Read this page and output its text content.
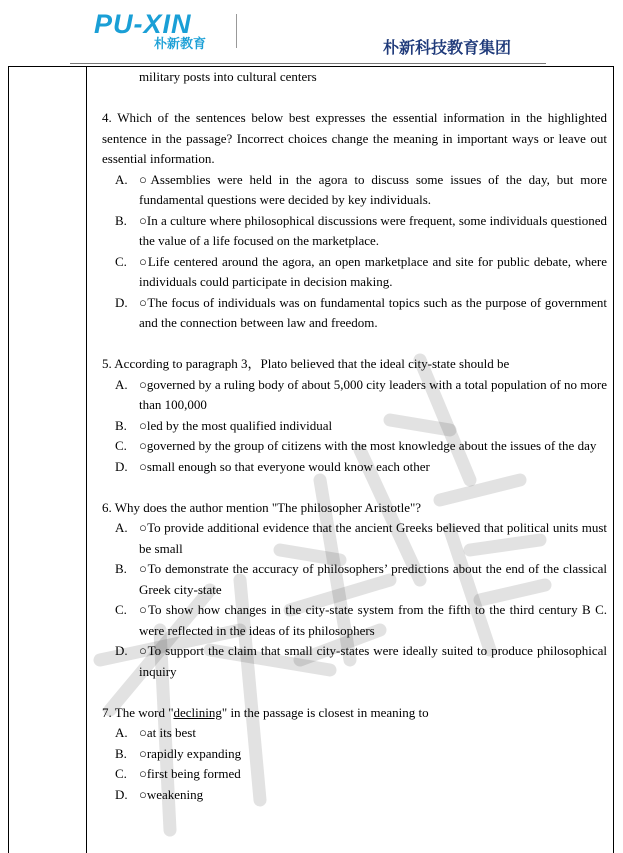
PU-XIN
朴新教育	朴新科技教育集团
military posts into cultural centers
4. Which of the sentences below best expresses the essential information in the highlighted sentence in the passage? Incorrect choices change the meaning in important ways or leave out essential information.
A. ○Assemblies were held in the agora to discuss some issues of the day, but more fundamental questions were decided by key individuals.
B. ○In a culture where philosophical discussions were frequent, some individuals questioned the value of a life focused on the marketplace.
C. ○Life centered around the agora, an open marketplace and site for public debate, where individuals could participate in decision making.
D. ○The focus of individuals was on fundamental topics such as the purpose of government and the connection between law and freedom.
5. According to paragraph 3，Plato believed that the ideal city-state should be
A. ○governed by a ruling body of about 5,000 city leaders with a total population of no more than 100,000
B. ○led by the most qualified individual
C. ○governed by the group of citizens with the most knowledge about the issues of the day
D. ○small enough so that everyone would know each other
6. Why does the author mention "The philosopher Aristotle"?
A. ○To provide additional evidence that the ancient Greeks believed that political units must be small
B. ○To demonstrate the accuracy of philosophers’ predictions about the end of the classical Greek city-state
C. ○To show how changes in the city-state system from the fifth to the third century B C. were reflected in the ideas of its philosophers
D. ○To support the claim that small city-states were ideally suited to produce philosophical inquiry
7. The word "declining" in the passage is closest in meaning to
A. ○at its best
B. ○rapidly expanding
C. ○first being formed
D. ○weakening
